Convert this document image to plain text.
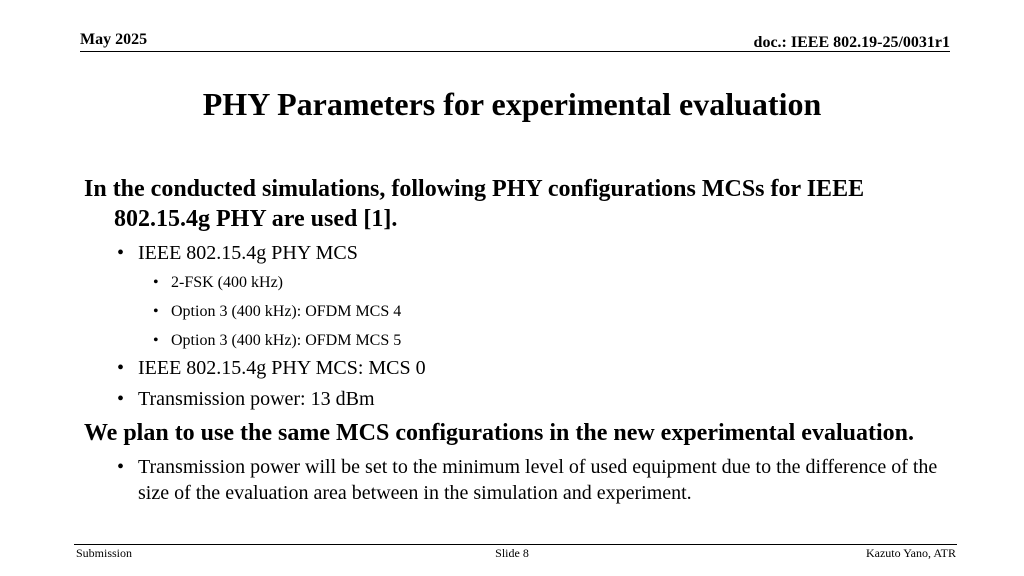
May 2025	doc.: IEEE 802.19-25/0031r1
PHY Parameters for experimental evaluation

In the conducted simulations, following PHY configurations MCSs for IEEE 802.15.4g PHY are used [1].

• IEEE 802.15.4g PHY MCS
• 2-FSK (400 kHz)
• Option 3 (400 kHz): OFDM MCS 4
• Option 3 (400 kHz): OFDM MCS 5
• IEEE 802.15.4g PHY MCS: MCS 0
• Transmission power: 13 dBm

We plan to use the same MCS configurations in the new experimental evaluation.

• Transmission power will be set to the minimum level of used equipment due to the difference of the size of the evaluation area between in the simulation and experiment.
Submission	Slide 8	Kazuto Yano, ATR
